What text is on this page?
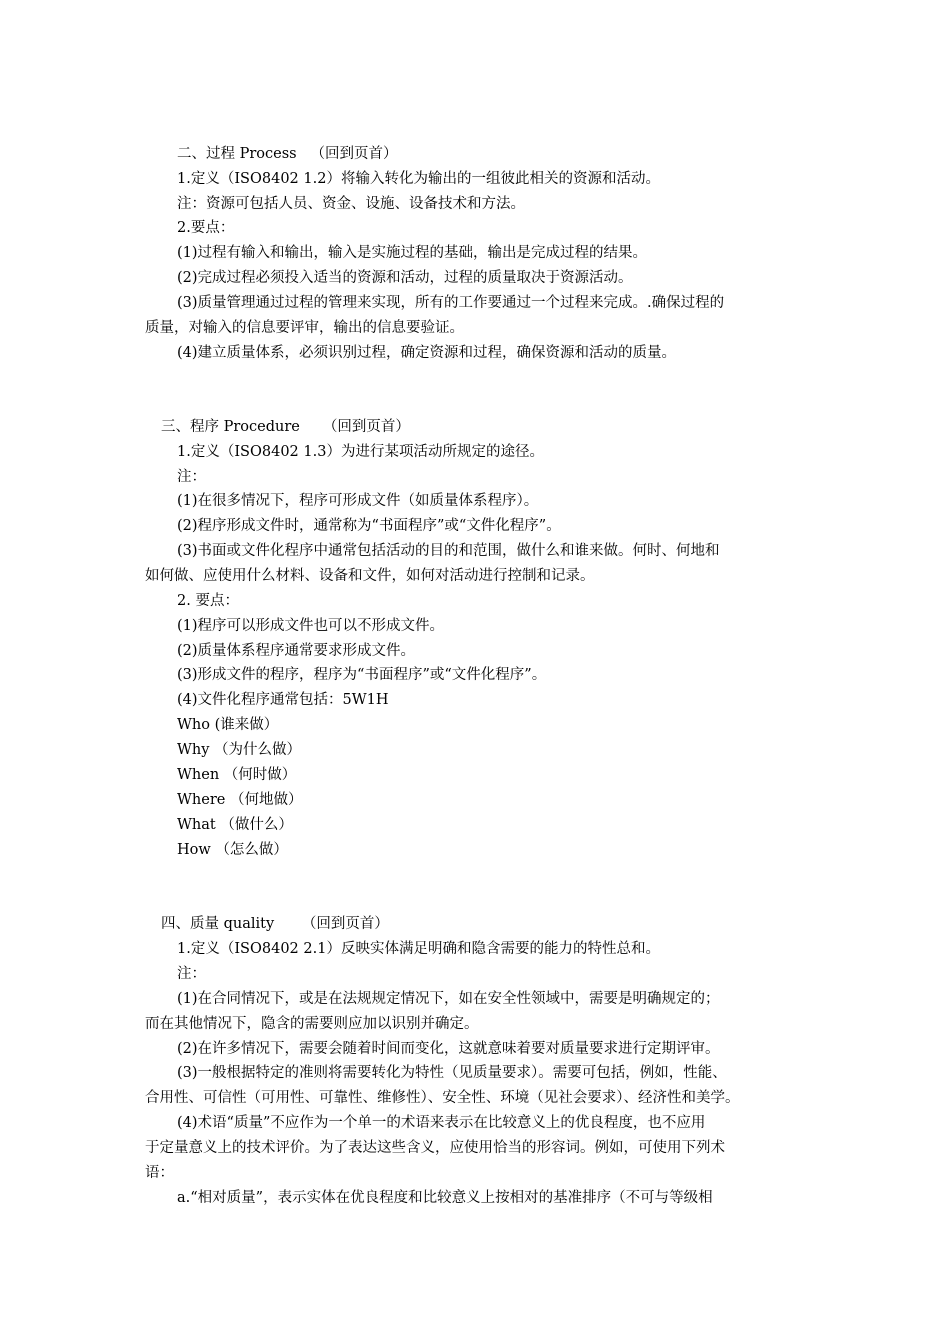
二、过程 Process （回到页首）
1.定义（ISO8402 1.2）将输入转化为输出的一组彼此相关的资源和活动。
注：资源可包括人员、资金、设施、设备技术和方法。
2.要点：
(1)过程有输入和输出，输入是实施过程的基础，输出是完成过程的结果。
(2)完成过程必须投入适当的资源和活动，过程的质量取决于资源活动。
(3)质量管理通过过程的管理来实现，所有的工作要通过一个过程来完成。.确保过程的
质量，对输入的信息要评审，输出的信息要验证。
(4)建立质量体系，必须识别过程，确定资源和过程，确保资源和活动的质量。
三、程序 Procedure （回到页首）
1.定义（ISO8402 1.3）为进行某项活动所规定的途径。
注：
(1)在很多情况下，程序可形成文件（如质量体系程序）。
(2)程序形成文件时，通常称为“书面程序”或“文件化程序”。
(3)书面或文件化程序中通常包括活动的目的和范围，做什么和谁来做。何时、何地和
如何做、应使用什么材料、设备和文件，如何对活动进行控制和记录。
2. 要点：
(1)程序可以形成文件也可以不形成文件。
(2)质量体系程序通常要求形成文件。
(3)形成文件的程序，程序为“书面程序”或“文件化程序”。
(4)文件化程序通常包括：5W1H
Who (谁来做）
Why （为什么做）
When （何时做）
Where （何地做）
What （做什么）
How （怎么做）
四、质量 quality （回到页首）
1.定义（ISO8402 2.1）反映实体满足明确和隐含需要的能力的特性总和。
注：
(1)在合同情况下，或是在法规规定情况下，如在安全性领域中，需要是明确规定的；
而在其他情况下，隐含的需要则应加以识别并确定。
(2)在许多情况下，需要会随着时间而变化，这就意味着要对质量要求进行定期评审。
(3)一般根据特定的准则将需要转化为特性（见质量要求）。需要可包括，例如，性能、
合用性、可信性（可用性、可靠性、维修性）、安全性、环境（见社会要求）、经济性和美学。
(4)术语“质量”不应作为一个单一的术语来表示在比较意义上的优良程度，也不应用
于定量意义上的技术评价。为了表达这些含义，应使用恰当的形容词。例如，可使用下列术
语：
a.“相对质量”，表示实体在优良程度和比较意义上按相对的基准排序（不可与等级相
